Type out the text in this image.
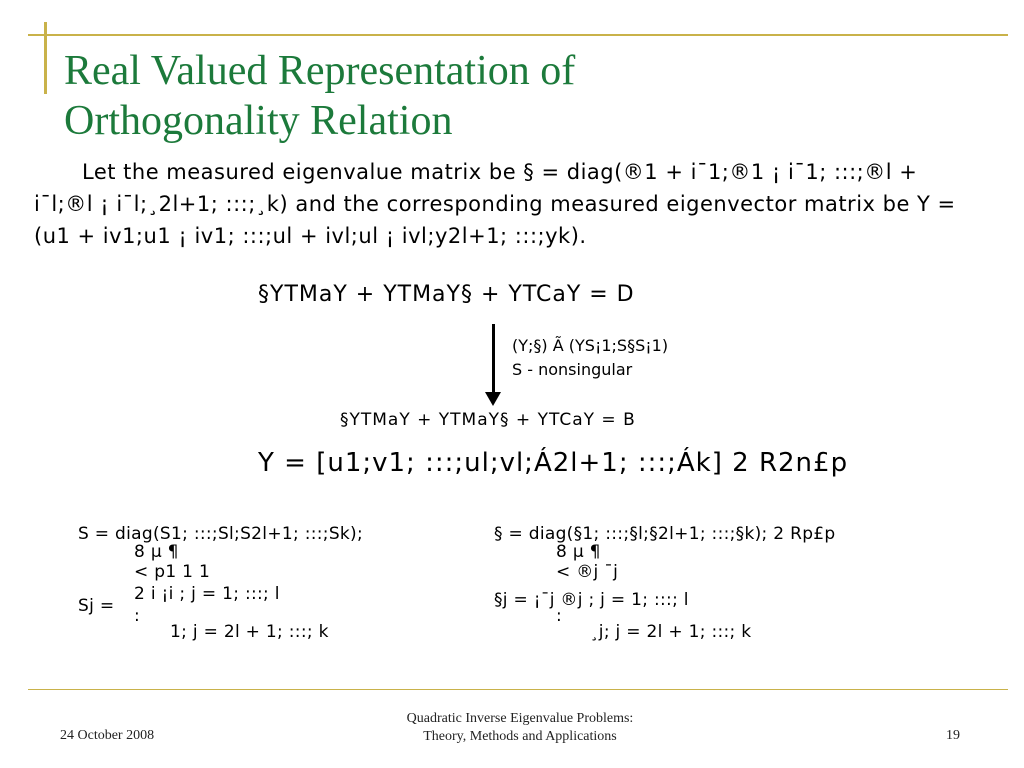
Real Valued Representation of
Orthogonality Relation

Let the measured eigenvalue matrix be § = diag(®1 + i¯1;®1 ¡ i¯1; :::;®l + i¯l;®l ¡ i¯l;¸2l+1; :::;¸k) and the corresponding measured eigenvector matrix be Y = (u1 + iv1;u1 ¡ iv1; :::;ul + ivl;ul ¡ ivl;y2l+1; :::;yk).

§YTMaY + YTMaY§ + YTCaY = D
(Y;§) Ã (YS¡1;S§S¡1)
S - nonsingular
§YTMaY + YTMaY§ + YTCaY = B
Y = [u1;v1; :::;ul;vl;Á2l+1; :::;Ák] 2 R2n£p
S = diag(S1; :::;Sl;S2l+1; :::;Sk);
8 µ ¶
< p1 1 1
2 i ¡i ; j = 1; :::; l
Sj = :
1; j = 2l + 1; :::; k
§ = diag(§1; :::;§l;§2l+1; :::;§k); 2 Rp£p
8 µ ¶
< ®j ¯j
§j = ¡¯j ®j ; j = 1; :::; l
:
¸j; j = 2l + 1; :::; k
24 October 2008
Quadratic Inverse Eigenvalue Problems:
Theory, Methods and Applications	19
